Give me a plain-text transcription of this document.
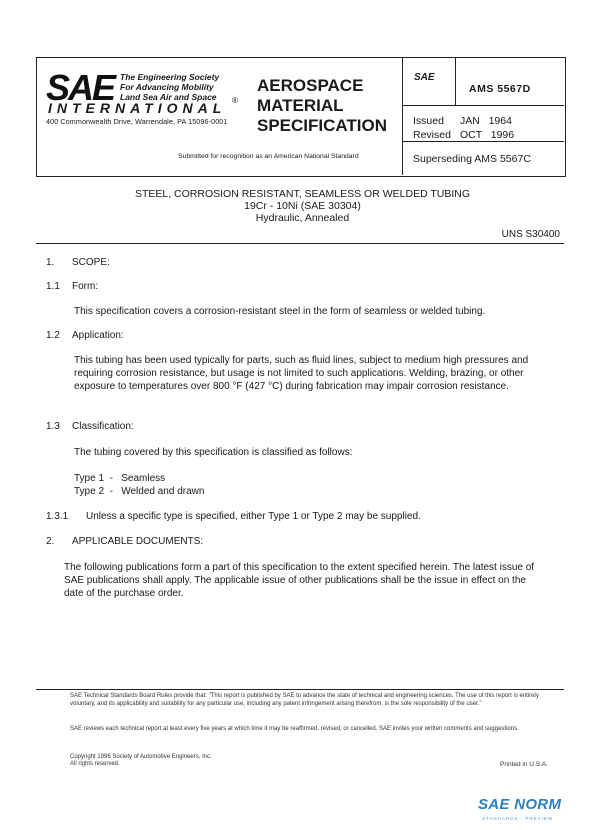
SAE The Engineering Society
For Advancing Mobility
Land Sea Air and Space
INTERNATIONAL ®
400 Commonwealth Drive, Warrendale, PA 15096-0001
AEROSPACE
MATERIAL
SPECIFICATION
Submitted for recognition as an American National Standard
SAE
AMS 5567D
Issued JAN   1964
Revised OCT   1996
Superseding AMS 5567C
STEEL, CORROSION RESISTANT, SEAMLESS OR WELDED TUBING
19Cr - 10Ni (SAE 30304)
Hydraulic, Annealed
UNS S30400
1. SCOPE:
1.1 Form:
This specification covers a corrosion-resistant steel in the form of seamless or welded tubing.
1.2 Application:
This tubing has been used typically for parts, such as fluid lines, subject to medium high pressures and requiring corrosion resistance, but usage is not limited to such applications. Welding, brazing, or other exposure to temperatures over 800 °F (427 °C) during fabrication may impair corrosion resistance.
1.3 Classification:
The tubing covered by this specification is classified as follows:
Type 1  -   Seamless
Type 2  -   Welded and drawn
1.3.1 Unless a specific type is specified, either Type 1 or Type 2 may be supplied.
2. APPLICABLE DOCUMENTS:
The following publications form a part of this specification to the extent specified herein. The latest issue of SAE publications shall apply. The applicable issue of other publications shall be the issue in effect on the date of the purchase order.
SAE Technical Standards Board Rules provide that: "This report is published by SAE to advance the state of technical and engineering sciences. The use of this report is entirely voluntary, and its applicability and suitability for any particular use, including any patent infringement arising therefrom, is the sole responsibility of the user."
SAE reviews each technical report at least every five years at which time it may be reaffirmed, revised, or cancelled. SAE invites your written comments and suggestions.
Copyright 1996 Society of Automotive Engineers, Inc.
All rights reserved.	Printed in U.S.A.
SAE NORM
STANDARDS · PREVIEW
